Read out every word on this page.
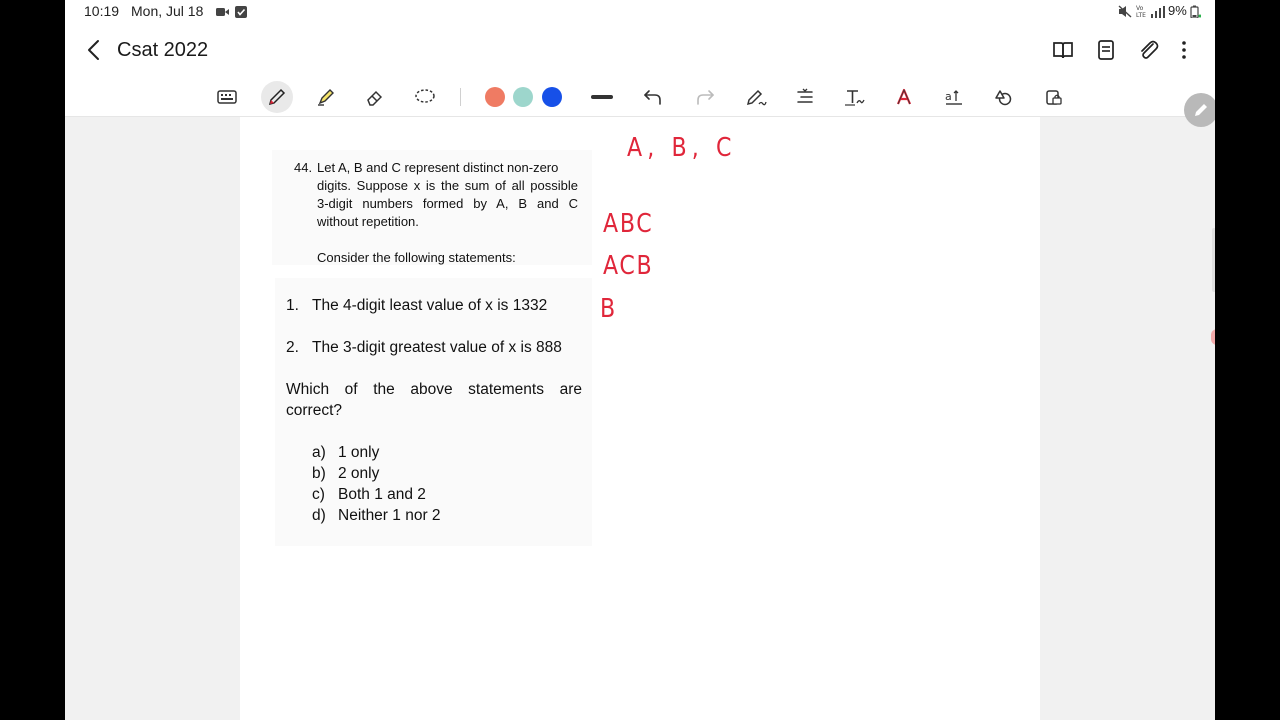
10:19 Mon, Jul 18	Vo
LTE 9%
Csat 2022
a
44. Let A, B and C represent distinct non-zero
digits. Suppose x is the sum of all possible
3-digit numbers formed by A, B and C
without repetition.
Consider the following statements:
1. The 4-digit least value of x is 1332
2. The 3-digit greatest value of x is 888
Which of the above statements are
correct?
a) 1 only
b) 2 only
c) Both 1 and 2
d) Neither 1 nor 2
A, B, C
ABC
ACB
B
